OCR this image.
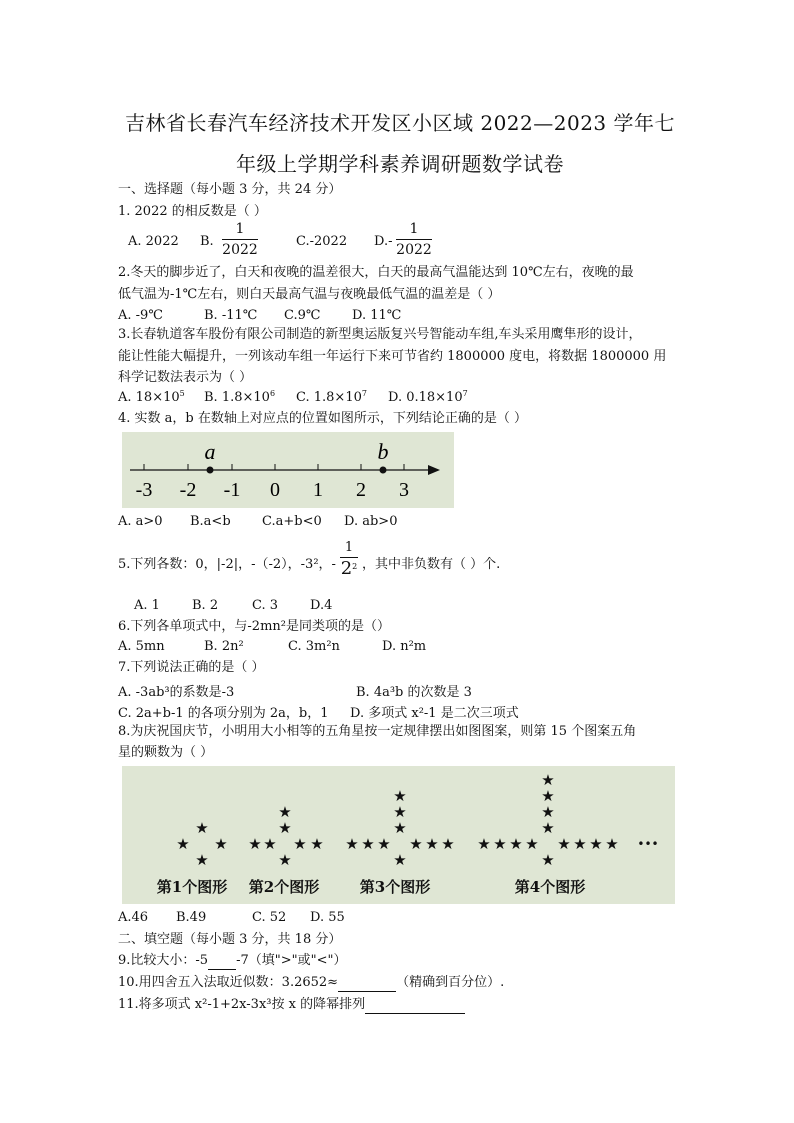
吉林省长春汽车经济技术开发区小区域 2022—2023 学年七
年级上学期学科素养调研题数学试卷
一、选择题（每小题 3 分，共 24 分）
1. 2022 的相反数是（ ）
A. 2022 B.
1
2022
C.-2022 D.-
1
2022
2.冬天的脚步近了，白天和夜晚的温差很大，白天的最高气温能达到 10℃左右，夜晚的最
低气温为-1℃左右，则白天最高气温与夜晚最低气温的温差是（ ）
A. -9℃	B. -11℃ C.9℃ D. 11℃
3.长春轨道客车股份有限公司制造的新型奥运版复兴号智能动车组,车头采用鹰隼形的设计，
能让性能大幅提升，一列该动车组一年运行下来可节省约 1800000 度电，将数据 1800000 用
科学记数法表示为（ ）
A. $18\times 10^5$ B. $1.8\times 10^6$ C. $1.8\times 10^7$ D. $0.18\times 10^7$
4. 实数 a，b 在数轴上对应点的位置如图所示，下列结论正确的是（ ）
-3 -2 -1 0 1 2 3
a	b
A. a>0 B.a<b C.a+b<0 D. ab>0
5.下列各数：0，|-2|，-（-2），-3²，-
1
$2^2$ ，其中非负数有（ ）个.
A. 1 B. 2	C. 3 D.4
6.下列各单项式中，与-2mn²是同类项的是（）
A. 5mn	B. 2n²	C. 3m²n	D. n²m
7.下列说法正确的是（ ）
A. -3ab³的系数是-3	B. 4a³b 的次数是 3
C. 2a+b-1 的各项分别为 2a，b，1 D. 多项式 x²-1 是二次三项式
8.为庆祝国庆节，小明用大小相等的五角星按一定规律摆出如图图案，则第 15 个图案五角
星的颗数为（ ）
★
★ ★
★
★
★
★ ★ ★ ★
★
★
★
★
★ ★ ★ ★ ★ ★
★
★
★
★
★
★ ★ ★ ★ ★ ★ ★ ★
★
•••
第1个图形 第2个图形	第3个图形	第4个图形
A.46 B.49	C. 52 D. 55
二、填空题（每小题 3 分，共 18 分）
9.比较大小：-5 -7（填">"或"<"）
10.用四舍五入法取近似数：3.2652≈	（精确到百分位）.
11.将多项式 x²-1+2x-3x³按 x 的降幂排列
